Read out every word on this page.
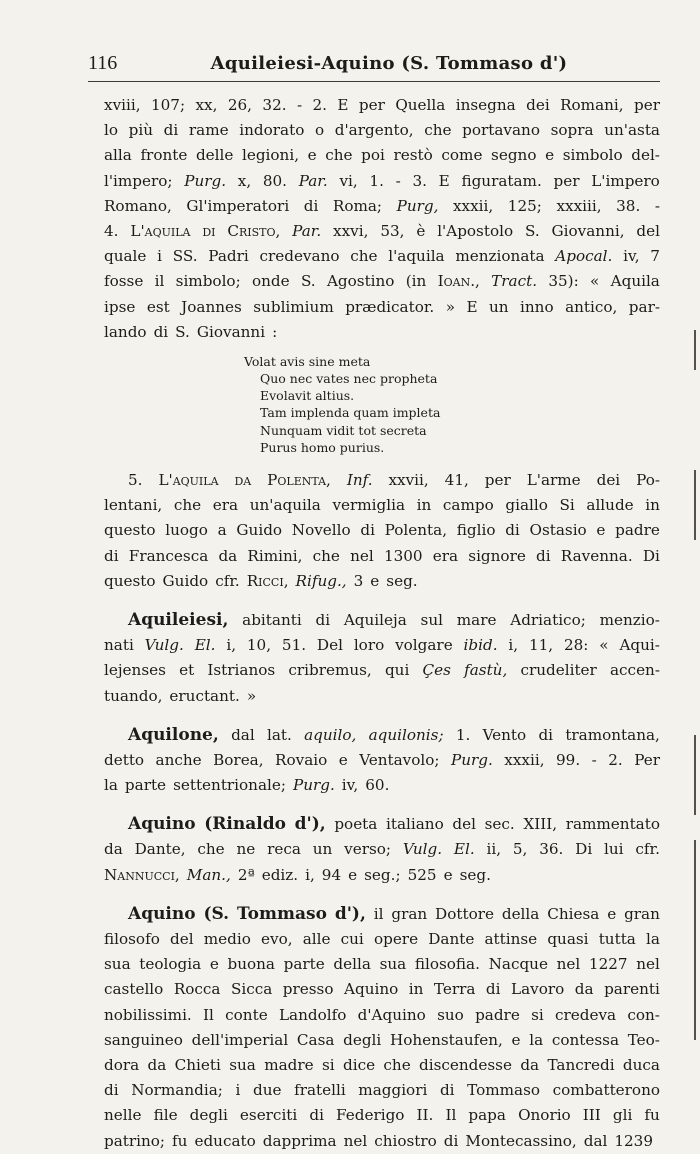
116	Aquileiesi-Aquino (S. Tommaso d')
xviii, 107; xx, 26, 32. - 2. E per Quella insegna dei Romani, per
lo più di rame indorato o d'argento, che portavano sopra un'asta
alla fronte delle legioni, e che poi restò come segno e simbolo del-
l'impero; Purg. x, 80. Par. vi, 1. - 3. E figuratam. per L'impero
Romano, Gl'imperatori di Roma; Purg, xxxii, 125; xxxiii, 38. -
4. L'aquila di Cristo, Par. xxvi, 53, è l'Apostolo S. Giovanni, del
quale i SS. Padri credevano che l'aquila menzionata Apocal. iv, 7
fosse il simbolo; onde S. Agostino (in Ioan., Tract. 35): « Aquila
ipse est Joannes sublimium prædicator. » E un inno antico, par-
lando di S. Giovanni :
Volat avis sine meta
Quo nec vates nec propheta
Evolavit altius.
Tam implenda quam impleta
Nunquam vidit tot secreta
Purus homo purius.
5. L'aquila da Polenta, Inf. xxvii, 41, per L'arme dei Po-
lentani, che era un'aquila vermiglia in campo giallo Si allude in
questo luogo a Guido Novello di Polenta, figlio di Ostasio e padre
di Francesca da Rimini, che nel 1300 era signore di Ravenna. Di
questo Guido cfr. Ricci, Rifug., 3 e seg.
Aquileiesi, abitanti di Aquileja sul mare Adriatico; menzio-
nati Vulg. El. i, 10, 51. Del loro volgare ibid. i, 11, 28: « Aqui-
lejenses et Istrianos cribremus, qui Çes fastù, crudeliter accen-
tuando, eructant. »
Aquilone, dal lat. aquilo, aquilonis; 1. Vento di tramontana,
detto anche Borea, Rovaio e Ventavolo; Purg. xxxii, 99. - 2. Per
la parte settentrionale; Purg. iv, 60.
Aquino (Rinaldo d'), poeta italiano del sec. XIII, rammentato
da Dante, che ne reca un verso; Vulg. El. ii, 5, 36. Di lui cfr.
Nannucci, Man., 2ª ediz. i, 94 e seg.; 525 e seg.
Aquino (S. Tommaso d'), il gran Dottore della Chiesa e gran
filosofo del medio evo, alle cui opere Dante attinse quasi tutta la
sua teologia e buona parte della sua filosofia. Nacque nel 1227 nel
castello Rocca Sicca presso Aquino in Terra di Lavoro da parenti
nobilissimi. Il conte Landolfo d'Aquino suo padre si credeva con-
sanguineo dell'imperial Casa degli Hohenstaufen, e la contessa Teo-
dora da Chieti sua madre si dice che discendesse da Tancredi duca
di Normandia; i due fratelli maggiori di Tommaso combatterono
nelle file degli eserciti di Federigo II. Il papa Onorio III gli fu
patrino; fu educato dapprima nel chiostro di Montecassino, dal 1239
